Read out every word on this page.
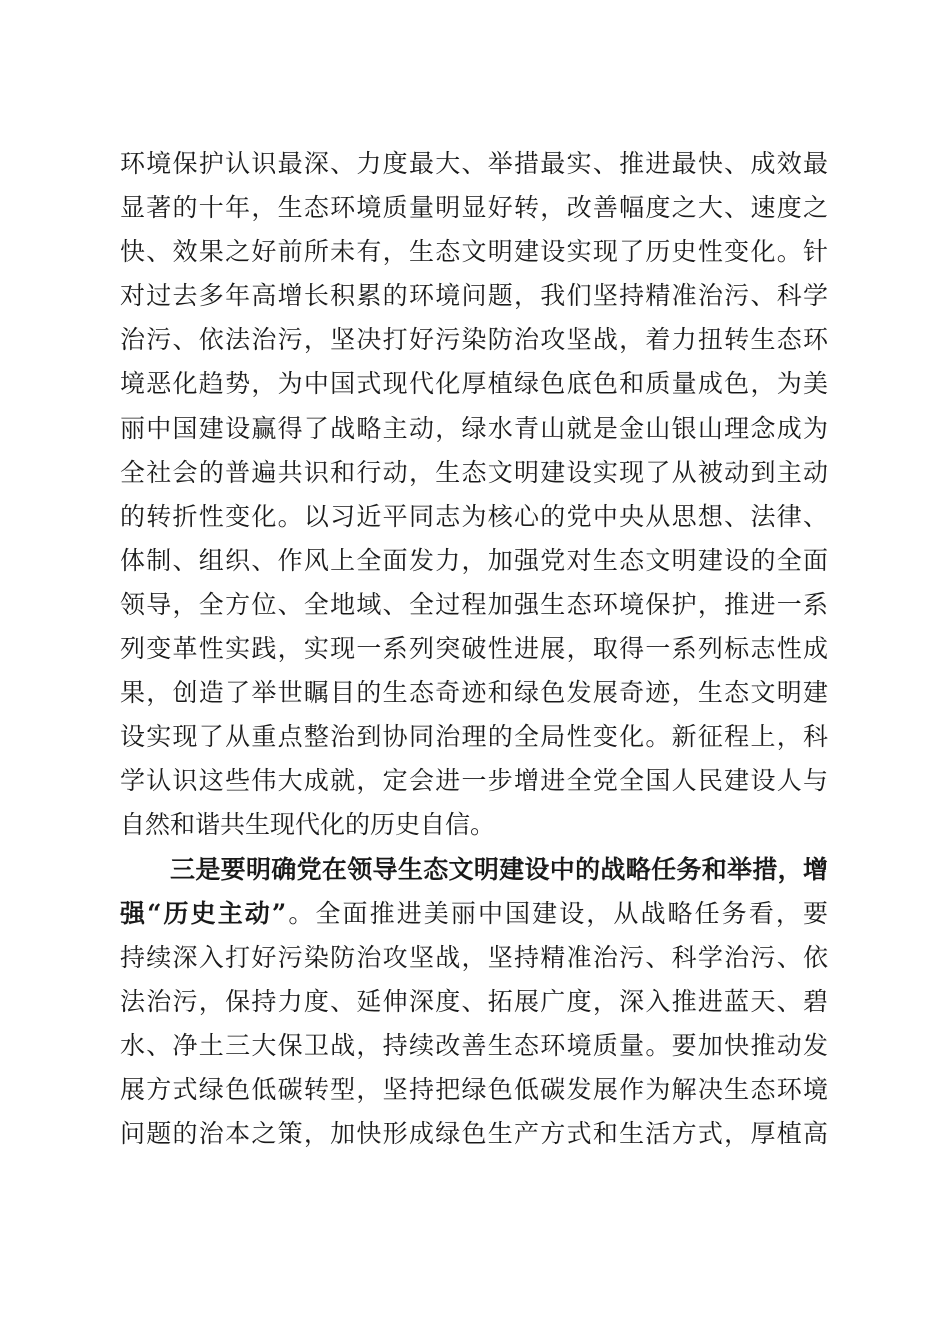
环境保护认识最深、力度最大、举措最实、推进最快、成效最
显著的十年，生态环境质量明显好转，改善幅度之大、速度之
快、效果之好前所未有，生态文明建设实现了历史性变化。针
对过去多年高增长积累的环境问题，我们坚持精准治污、科学
治污、依法治污，坚决打好污染防治攻坚战，着力扭转生态环
境恶化趋势，为中国式现代化厚植绿色底色和质量成色，为美
丽中国建设赢得了战略主动，绿水青山就是金山银山理念成为
全社会的普遍共识和行动，生态文明建设实现了从被动到主动
的转折性变化。以习近平同志为核心的党中央从思想、法律、
体制、组织、作风上全面发力，加强党对生态文明建设的全面
领导，全方位、全地域、全过程加强生态环境保护，推进一系
列变革性实践，实现一系列突破性进展，取得一系列标志性成
果，创造了举世瞩目的生态奇迹和绿色发展奇迹，生态文明建
设实现了从重点整治到协同治理的全局性变化。新征程上，科
学认识这些伟大成就，定会进一步增进全党全国人民建设人与
自然和谐共生现代化的历史自信。
三是要明确党在领导生态文明建设中的战略任务和举措，增
强“历史主动”。全面推进美丽中国建设，从战略任务看，要
持续深入打好污染防治攻坚战，坚持精准治污、科学治污、依
法治污，保持力度、延伸深度、拓展广度，深入推进蓝天、碧
水、净土三大保卫战，持续改善生态环境质量。要加快推动发
展方式绿色低碳转型，坚持把绿色低碳发展作为解决生态环境
问题的治本之策，加快形成绿色生产方式和生活方式，厚植高
